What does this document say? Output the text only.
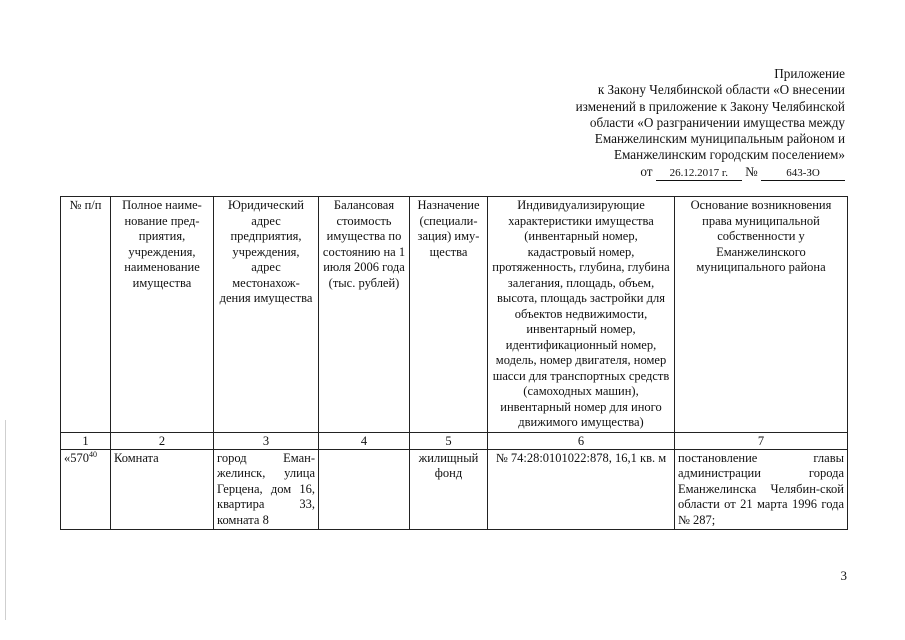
Приложение
к Закону Челябинской области «О внесении
изменений в приложение к Закону Челябинской
области «О разграничении имущества между
Еманжелинским муниципальным районом и
Еманжелинским городским поселением»
от 26.12.2017 г. №	643-ЗО
№ п/п	Полное наиме-нование пред-приятия, учреждения, наименование имущества	Юридический адрес предприятия, учреждения, адрес местонахож-дения имущества	Балансовая стоимость имущества по состоянию на 1 июля 2006 года (тыс. рублей)	Назначение (специали-зация) иму-щества	Индивидуализирующие характеристики имущества (инвентарный номер, кадастровый номер, протяженность, глубина, глубина залегания, площадь, объем, высота, площадь застройки для объектов недвижимости, инвентарный номер, идентификационный номер, модель, номер двигателя, номер шасси для транспортных средств (самоходных машин), инвентарный номер для иного движимого имущества)	Основание возникновения права муниципальной собственности у Еманжелинского муниципального района
1	2	3	4	5	6	7
«$570^{40}$	Комната	город Еман-желинск, улица Герцена, дом 16, квартира 33, комната 8		жилищный фонд	№ 74:28:0101022:878, 16,1 кв. м	постановление главы администрации города Еманжелинска Челябин-ской области от 21 марта 1996 года № 287;
3
